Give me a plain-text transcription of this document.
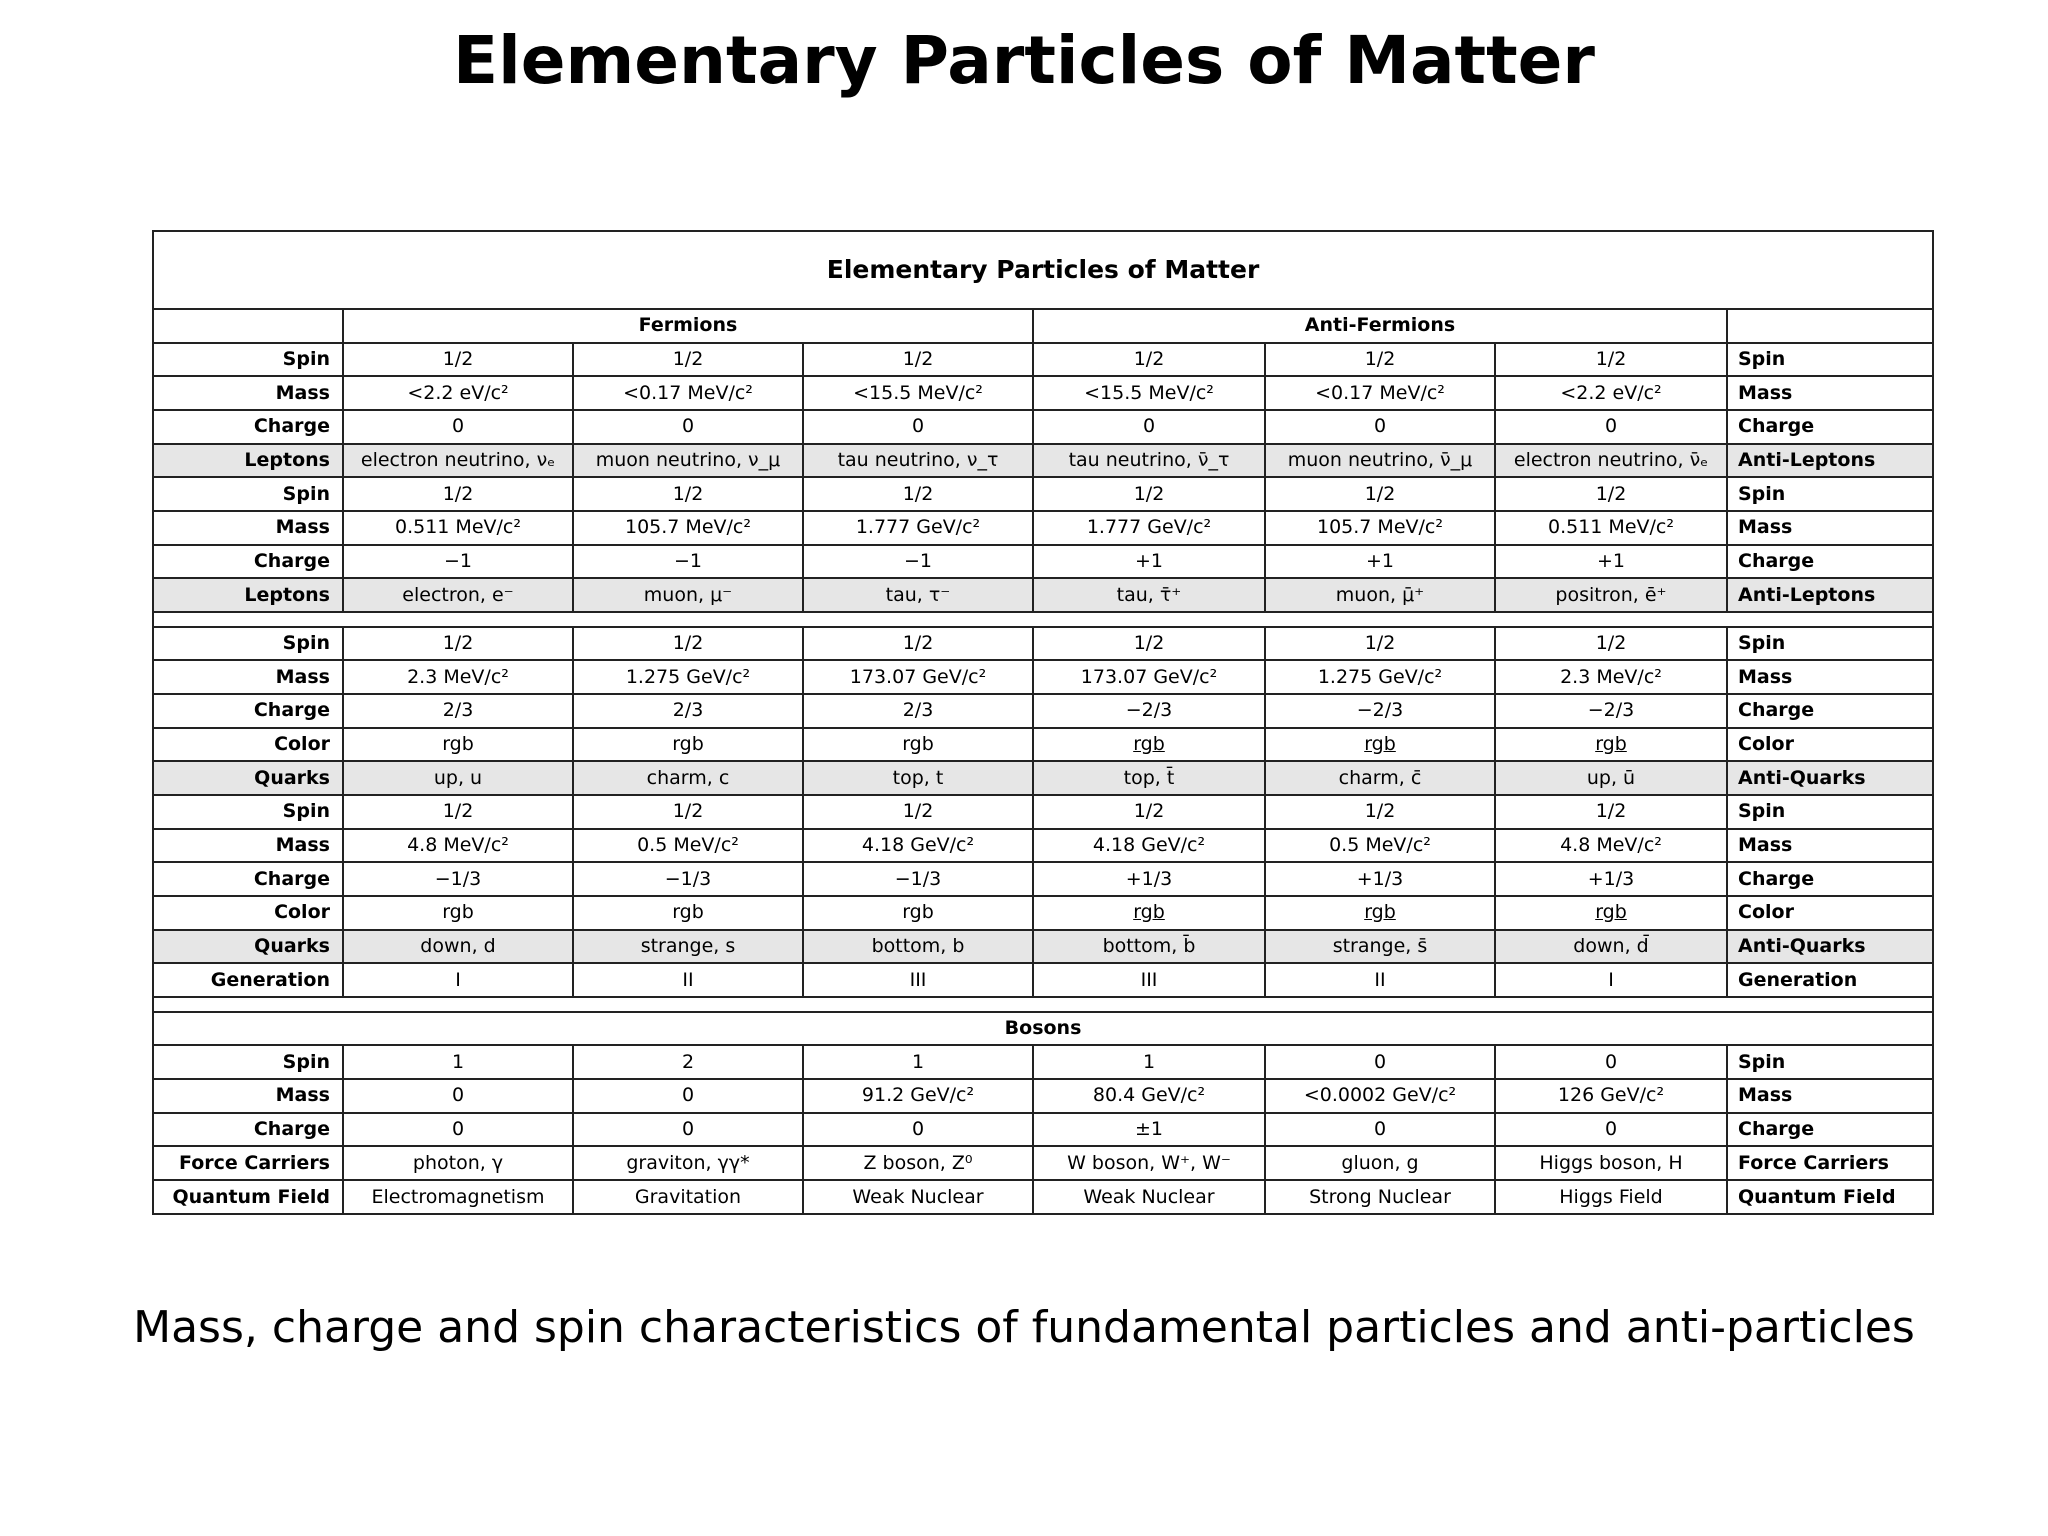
Elementary Particles of Matter
Elementary Particles of Matter							
	Fermions			Anti-Fermions			
Spin	1/2	1/2	1/2	1/2	1/2	1/2	Spin
Mass	<2.2 eV/c²	<0.17 MeV/c²	<15.5 MeV/c²	<15.5 MeV/c²	<0.17 MeV/c²	<2.2 eV/c²	Mass
Charge	0	0	0	0	0	0	Charge
Leptons	electron neutrino, νₑ	muon neutrino, ν_μ	tau neutrino, ν_τ	tau neutrino, ν̄_τ	muon neutrino, ν̄_μ	electron neutrino, ν̄ₑ	Anti-Leptons
Spin	1/2	1/2	1/2	1/2	1/2	1/2	Spin
Mass	0.511 MeV/c²	105.7 MeV/c²	1.777 GeV/c²	1.777 GeV/c²	105.7 MeV/c²	0.511 MeV/c²	Mass
Charge	−1	−1	−1	+1	+1	+1	Charge
Leptons	electron, e⁻	muon, μ⁻	tau, τ⁻	tau, τ̄⁺	muon, μ̄⁺	positron, ē⁺	Anti-Leptons

Spin	1/2	1/2	1/2	1/2	1/2	1/2	Spin
Mass	2.3 MeV/c²	1.275 GeV/c²	173.07 GeV/c²	173.07 GeV/c²	1.275 GeV/c²	2.3 MeV/c²	Mass
Charge	2/3	2/3	2/3	−2/3	−2/3	−2/3	Charge
Color	rgb	rgb	rgb	rgb	rgb	rgb	Color
Quarks	up, u	charm, c	top, t	top, t̄	charm, c̄	up, ū	Anti-Quarks
Spin	1/2	1/2	1/2	1/2	1/2	1/2	Spin
Mass	4.8 MeV/c²	0.5 MeV/c²	4.18 GeV/c²	4.18 GeV/c²	0.5 MeV/c²	4.8 MeV/c²	Mass
Charge	−1/3	−1/3	−1/3	+1/3	+1/3	+1/3	Charge
Color	rgb	rgb	rgb	rgb	rgb	rgb	Color
Quarks	down, d	strange, s	bottom, b	bottom, b̄	strange, s̄	down, d̄	Anti-Quarks
Generation	I	II	III	III	II	I	Generation

Bosons							
Spin	1	2	1	1	0	0	Spin
Mass	0	0	91.2 GeV/c²	80.4 GeV/c²	<0.0002 GeV/c²	126 GeV/c²	Mass
Charge	0	0	0	±1	0	0	Charge
Force Carriers	photon, γ	graviton, γγ*	Z boson, Z⁰	W boson, W⁺, W⁻	gluon, g	Higgs boson, H	Force Carriers
Quantum Field	Electromagnetism	Gravitation	Weak Nuclear	Weak Nuclear	Strong Nuclear	Higgs Field	Quantum Field
Mass, charge and spin characteristics of fundamental particles and anti-particles
